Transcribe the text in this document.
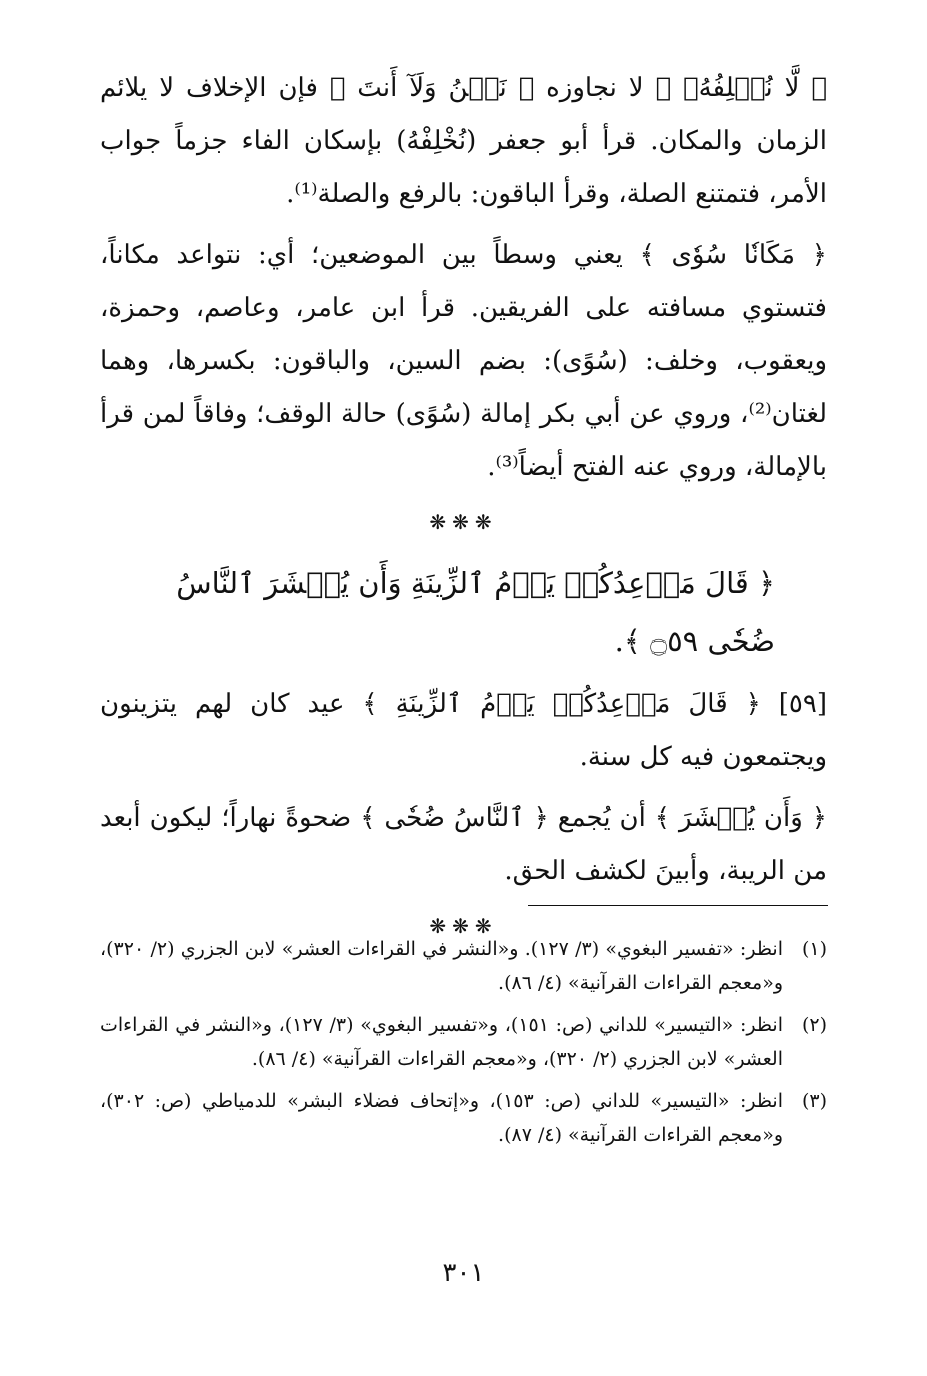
﴿ لَّا نُخۡلِفُهُۥ ﴾ لا نجاوزه ﴿ نَحۡنُ وَلَآ أَنتَ ﴾ فإن الإخلاف لا يلائم الزمان والمكان. قرأ أبو جعفر (نُخْلِفْهُ) بإسكان الفاء جزماً جواب الأمر، فتمتنع الصلة، وقرأ الباقون: بالرفع والصلة⁽¹⁾.

﴿ مَكَانٗا سُوٗى ﴾ يعني وسطاً بين الموضعين؛ أي: نتواعد مكاناً، فتستوي مسافته على الفريقين. قرأ ابن عامر، وعاصم، وحمزة، ويعقوب، وخلف: (سُوًى): بضم السين، والباقون: بكسرها، وهما لغتان⁽²⁾، وروي عن أبي بكر إمالة (سُوًى) حالة الوقف؛ وفاقاً لمن قرأ بالإمالة، وروي عنه الفتح أيضاً⁽³⁾.

❋❋❋

﴿ قَالَ مَوۡعِدُكُمۡ يَوۡمُ ٱلزِّينَةِ وَأَن يُحۡشَرَ ٱلنَّاسُ ضُحٗى ۝٥٩ ﴾.

[٥٩] ﴿ قَالَ مَوۡعِدُكُمۡ يَوۡمُ ٱلزِّينَةِ ﴾ عيد كان لهم يتزينون ويجتمعون فيه كل سنة.

﴿ وَأَن يُحۡشَرَ ﴾ أن يُجمع ﴿ ٱلنَّاسُ ضُحٗى ﴾ ضحوةً نهاراً؛ ليكون أبعد من الريبة، وأبينَ لكشف الحق.

❋❋❋
(١)
انظر: «تفسير البغوي» (٣/ ١٢٧). و«النشر في القراءات العشر» لابن الجزري (٢/ ٣٢٠)، و«معجم القراءات القرآنية» (٤/ ٨٦).
(٢)
انظر: «التيسير» للداني (ص: ١٥١)، و«تفسير البغوي» (٣/ ١٢٧)، و«النشر في القراءات العشر» لابن الجزري (٢/ ٣٢٠)، و«معجم القراءات القرآنية» (٤/ ٨٦).
(٣)
انظر: «التيسير» للداني (ص: ١٥٣)، و«إتحاف فضلاء البشر» للدمياطي (ص: ٣٠٢)، و«معجم القراءات القرآنية» (٤/ ٨٧).
٣٠١
